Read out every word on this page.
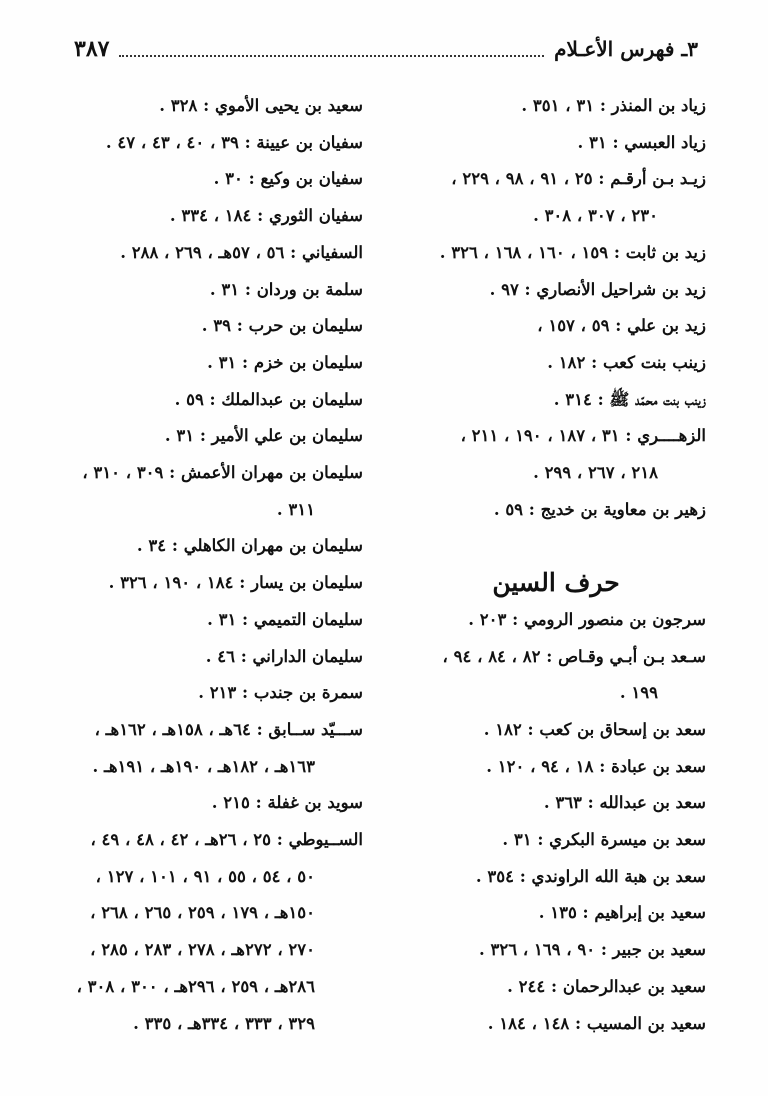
٣ـ فهرس الأعـلام
٣٨٧
زياد بن المنذر : ٣١ ، ٣٥١ .
زياد العبسي : ٣١ .
زيـد بـن أرقـم : ٢٥ ، ٩١ ، ٩٨ ، ٢٢٩ ،
٢٣٠ ، ٣٠٧ ، ٣٠٨ .
زيد بن ثابت : ١٥٩ ، ١٦٠ ، ١٦٨ ، ٣٢٦ .
زيد بن شراحيل الأنصاري : ٩٧ .
زيد بن علي : ٥٩ ، ١٥٧ ،
زينب بنت كعب : ١٨٢ .
زينب بنت محمّد ﷺ : ٣١٤ .
الزهــــري : ٣١ ، ١٨٧ ، ١٩٠ ، ٢١١ ،
٢١٨ ، ٢٦٧ ، ٢٩٩ .
زهير بن معاوية بن خديج : ٥٩ .
حرف السين
سرجون بن منصور الرومي : ٢٠٣ .
سـعد بـن أبـي وقـاص : ٨٢ ، ٨٤ ، ٩٤ ،
١٩٩ .
سعد بن إسحاق بن كعب : ١٨٢ .
سعد بن عبادة : ١٨ ، ٩٤ ، ١٢٠ .
سعد بن عبدالله : ٣٦٣ .
سعد بن ميسرة البكري : ٣١ .
سعد بن هبة الله الراوندي : ٣٥٤ .
سعيد بن إبراهيم : ١٣٥ .
سعيد بن جبير : ٩٠ ، ١٦٩ ، ٣٢٦ .
سعيد بن عبدالرحمان : ٢٤٤ .
سعيد بن المسيب : ١٤٨ ، ١٨٤ .
سعيد بن يحيى الأموي : ٣٢٨ .
سفيان بن عيينة : ٣٩ ، ٤٠ ، ٤٣ ، ٤٧ .
سفيان بن وكيع : ٣٠ .
سفيان الثوري : ١٨٤ ، ٣٣٤ .
السفياني : ٥٦ ، ٥٧هـ ، ٢٦٩ ، ٢٨٨ .
سلمة بن وردان : ٣١ .
سليمان بن حرب : ٣٩ .
سليمان بن خزم : ٣١ .
سليمان بن عبدالملك : ٥٩ .
سليمان بن علي الأمير : ٣١ .
سليمان بن مهران الأعمش : ٣٠٩ ، ٣١٠ ،
٣١١ .
سليمان بن مهران الكاهلي : ٣٤ .
سليمان بن يسار : ١٨٤ ، ١٩٠ ، ٣٢٦ .
سليمان التميمي : ٣١ .
سليمان الداراني : ٤٦ .
سمرة بن جندب : ٢١٣ .
ســـيّد ســابق : ٦٤هـ ، ١٥٨هـ ، ١٦٢هـ ،
١٦٣هـ ، ١٨٢هـ ، ١٩٠هـ ، ١٩١هـ .
سويد بن غفلة : ٢١٥ .
الســيوطي : ٢٥ ، ٢٦هـ ، ٤٢ ، ٤٨ ، ٤٩ ،
٥٠ ، ٥٤ ، ٥٥ ، ٩١ ، ١٠١ ، ١٢٧ ،
١٥٠هـ ، ١٧٩ ، ٢٥٩ ، ٢٦٥ ، ٢٦٨ ،
٢٧٠ ، ٢٧٢هـ ، ٢٧٨ ، ٢٨٣ ، ٢٨٥ ،
٢٨٦هـ ، ٢٥٩ ، ٢٩٦هـ ، ٣٠٠ ، ٣٠٨ ،
٣٢٩ ، ٣٣٣ ، ٣٣٤هـ ، ٣٣٥ .
